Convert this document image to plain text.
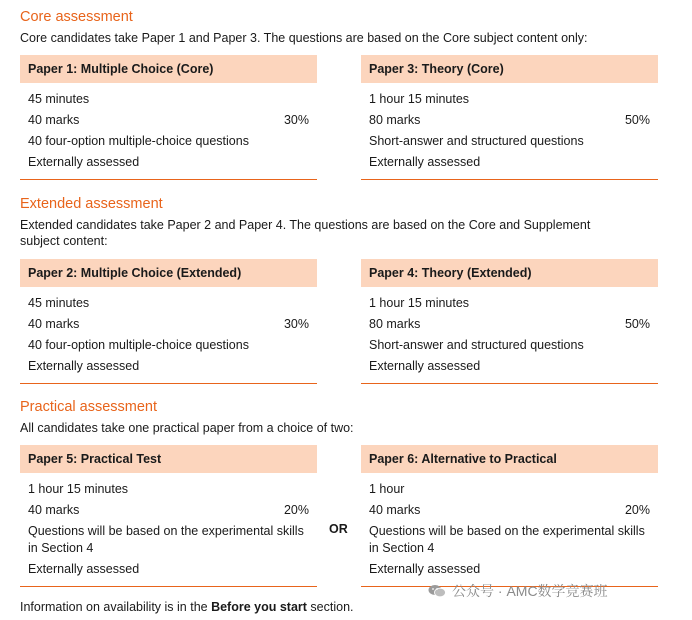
Core assessment
Core candidates take Paper 1 and Paper 3. The questions are based on the Core subject content only:
Paper 1: Multiple Choice (Core)
45 minutes
40 marks	30%
40 four-option multiple-choice questions
Externally assessed
Paper 3: Theory (Core)
1 hour 15 minutes
80 marks	50%
Short-answer and structured questions
Externally assessed
Extended assessment
Extended candidates take Paper 2 and Paper 4. The questions are based on the Core and Supplement subject content:
Paper 2: Multiple Choice (Extended)
45 minutes
40 marks	30%
40 four-option multiple-choice questions
Externally assessed
Paper 4: Theory (Extended)
1 hour 15 minutes
80 marks	50%
Short-answer and structured questions
Externally assessed
Practical assessment
All candidates take one practical paper from a choice of two:
Paper 5: Practical Test
1 hour 15 minutes
40 marks	20%
Questions will be based on the experimental skills in Section 4
Externally assessed
OR
Paper 6: Alternative to Practical
1 hour
40 marks	20%
Questions will be based on the experimental skills in Section 4
Externally assessed
Information on availability is in the Before you start section.
公众号 · AMC数学竞赛班
